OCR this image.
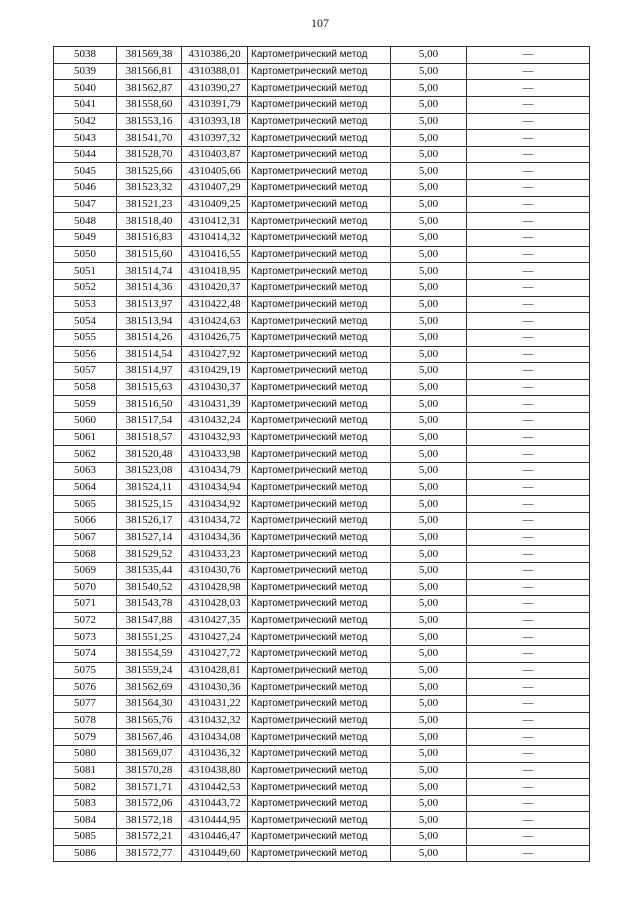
107
5038	381569,38	4310386,20	Картометрический метод	5,00	—
5039	381566,81	4310388,01	Картометрический метод	5,00	—
5040	381562,87	4310390,27	Картометрический метод	5,00	—
5041	381558,60	4310391,79	Картометрический метод	5,00	—
5042	381553,16	4310393,18	Картометрический метод	5,00	—
5043	381541,70	4310397,32	Картометрический метод	5,00	—
5044	381528,70	4310403,87	Картометрический метод	5,00	—
5045	381525,66	4310405,66	Картометрический метод	5,00	—
5046	381523,32	4310407,29	Картометрический метод	5,00	—
5047	381521,23	4310409,25	Картометрический метод	5,00	—
5048	381518,40	4310412,31	Картометрический метод	5,00	—
5049	381516,83	4310414,32	Картометрический метод	5,00	—
5050	381515,60	4310416,55	Картометрический метод	5,00	—
5051	381514,74	4310418,95	Картометрический метод	5,00	—
5052	381514,36	4310420,37	Картометрический метод	5,00	—
5053	381513,97	4310422,48	Картометрический метод	5,00	—
5054	381513,94	4310424,63	Картометрический метод	5,00	—
5055	381514,26	4310426,75	Картометрический метод	5,00	—
5056	381514,54	4310427,92	Картометрический метод	5,00	—
5057	381514,97	4310429,19	Картометрический метод	5,00	—
5058	381515,63	4310430,37	Картометрический метод	5,00	—
5059	381516,50	4310431,39	Картометрический метод	5,00	—
5060	381517,54	4310432,24	Картометрический метод	5,00	—
5061	381518,57	4310432,93	Картометрический метод	5,00	—
5062	381520,48	4310433,98	Картометрический метод	5,00	—
5063	381523,08	4310434,79	Картометрический метод	5,00	—
5064	381524,11	4310434,94	Картометрический метод	5,00	—
5065	381525,15	4310434,92	Картометрический метод	5,00	—
5066	381526,17	4310434,72	Картометрический метод	5,00	—
5067	381527,14	4310434,36	Картометрический метод	5,00	—
5068	381529,52	4310433,23	Картометрический метод	5,00	—
5069	381535,44	4310430,76	Картометрический метод	5,00	—
5070	381540,52	4310428,98	Картометрический метод	5,00	—
5071	381543,78	4310428,03	Картометрический метод	5,00	—
5072	381547,88	4310427,35	Картометрический метод	5,00	—
5073	381551,25	4310427,24	Картометрический метод	5,00	—
5074	381554,59	4310427,72	Картометрический метод	5,00	—
5075	381559,24	4310428,81	Картометрический метод	5,00	—
5076	381562,69	4310430,36	Картометрический метод	5,00	—
5077	381564,30	4310431,22	Картометрический метод	5,00	—
5078	381565,76	4310432,32	Картометрический метод	5,00	—
5079	381567,46	4310434,08	Картометрический метод	5,00	—
5080	381569,07	4310436,32	Картометрический метод	5,00	—
5081	381570,28	4310438,80	Картометрический метод	5,00	—
5082	381571,71	4310442,53	Картометрический метод	5,00	—
5083	381572,06	4310443,72	Картометрический метод	5,00	—
5084	381572,18	4310444,95	Картометрический метод	5,00	—
5085	381572,21	4310446,47	Картометрический метод	5,00	—
5086	381572,77	4310449,60	Картометрический метод	5,00	—
